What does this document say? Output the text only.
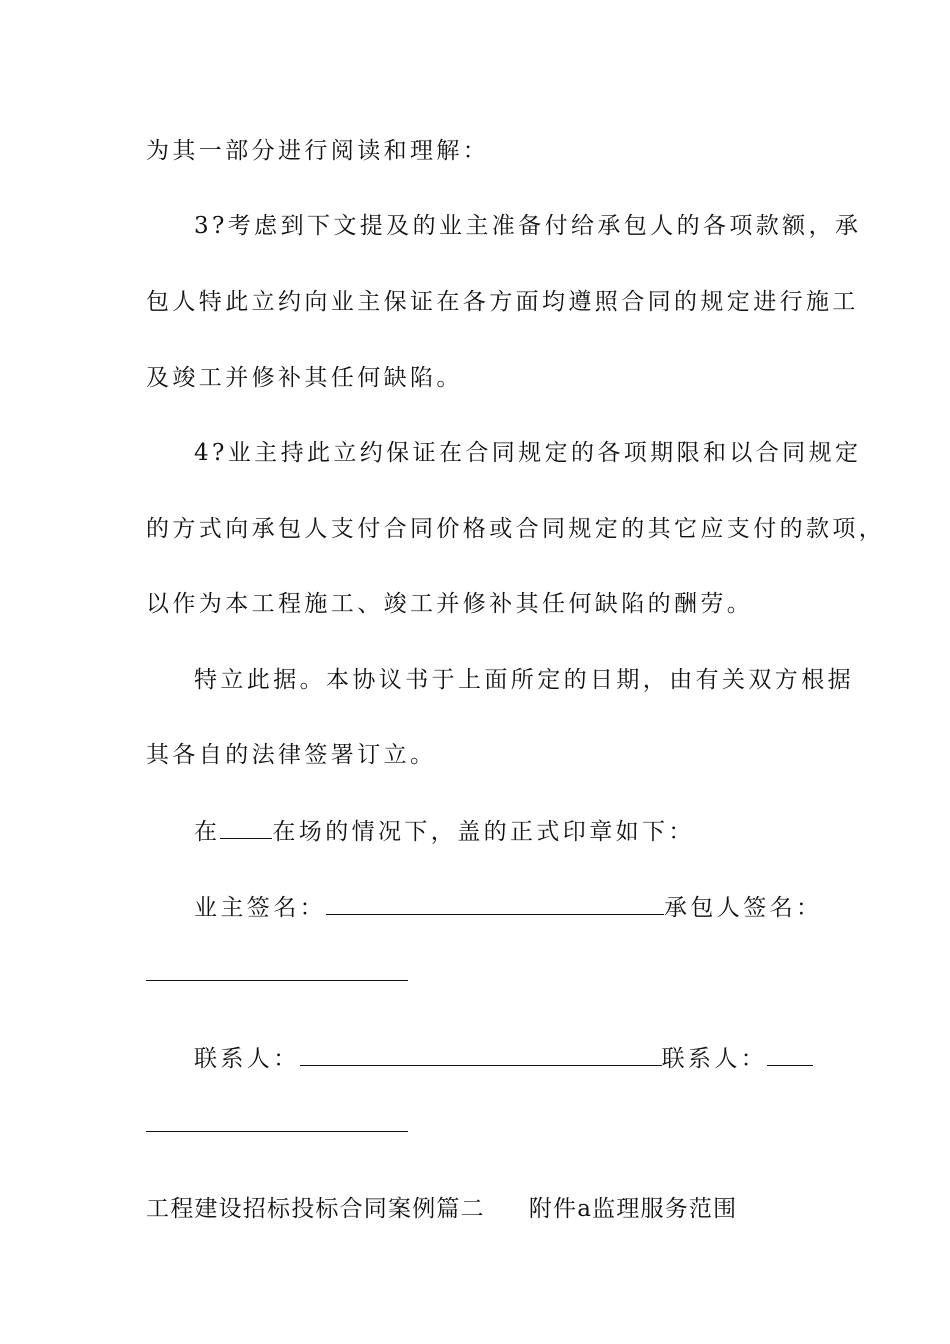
为其一部分进行阅读和理解：
3?考虑到下文提及的业主准备付给承包人的各项款额，承
包人特此立约向业主保证在各方面均遵照合同的规定进行施工
及竣工并修补其任何缺陷。
4?业主持此立约保证在合同规定的各项期限和以合同规定
的方式向承包人支付合同价格或合同规定的其它应支付的款项，
以作为本工程施工、竣工并修补其任何缺陷的酬劳。
特立此据。本协议书于上面所定的日期，由有关双方根据
其各自的法律签署订立。
在 在场的情况下，盖的正式印章如下：
业主签名：	承包人签名：
联系人：	联系人：
工程建设招标投标合同案例篇二 附件a监理服务范围
